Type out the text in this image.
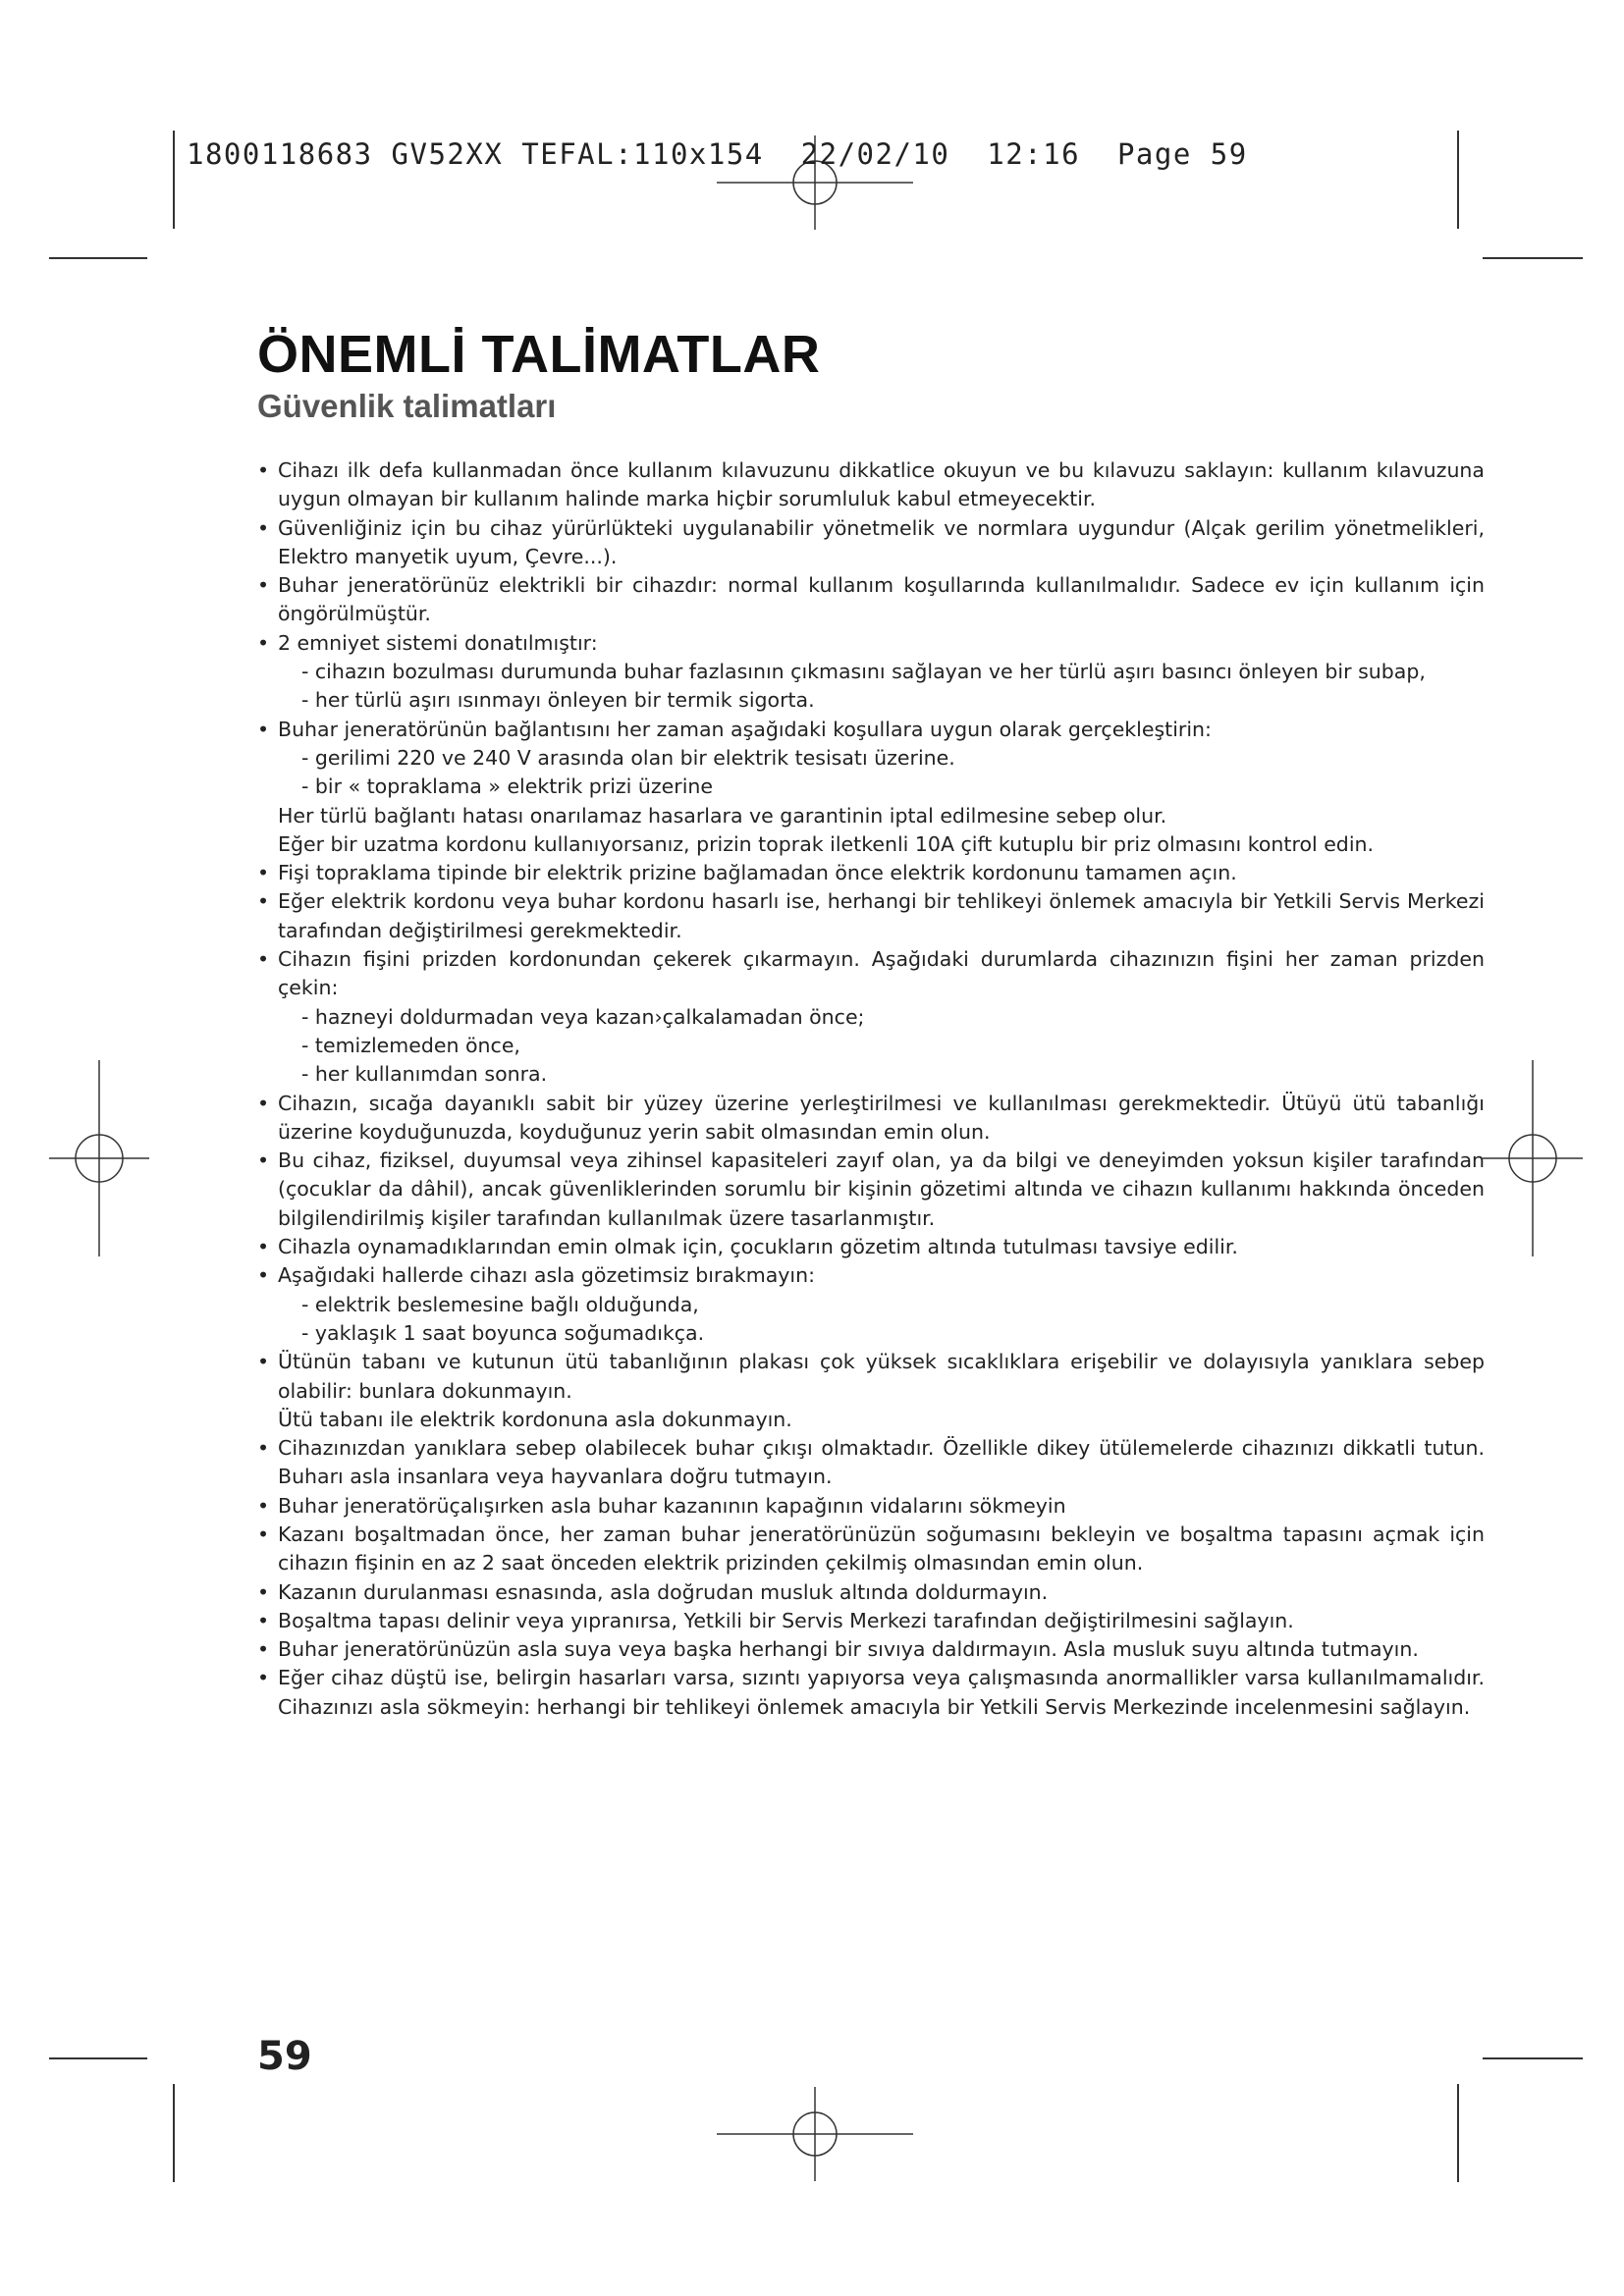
1800118683 GV52XX TEFAL:110x154  22/02/10  12:16  Page 59
ÖNEMLİ TALİMATLAR
Güvenlik talimatları

• Cihazı ilk defa kullanmadan önce kullanım kılavuzunu dikkatlice okuyun ve bu kılavuzu saklayın: kullanım kılavuzuna uygun olmayan bir kullanım halinde marka hiçbir sorumluluk kabul etmeyecektir.

• Güvenliğiniz için bu cihaz yürürlükteki uygulanabilir yönetmelik ve normlara uygundur (Alçak gerilim yönetmelikleri, Elektro manyetik uyum, Çevre...).

• Buhar jeneratörünüz elektrikli bir cihazdır: normal kullanım koşullarında kullanılmalıdır. Sadece ev için kullanım için öngörülmüştür.

• 2 emniyet sistemi donatılmıştır:

- cihazın bozulması durumunda buhar fazlasının çıkmasını sağlayan ve her türlü aşırı basıncı önleyen bir subap,

- her türlü aşırı ısınmayı önleyen bir termik sigorta.

• Buhar jeneratörünün bağlantısını her zaman aşağıdaki koşullara uygun olarak gerçekleştirin:

- gerilimi 220 ve 240 V arasında olan bir elektrik tesisatı üzerine.

- bir « topraklama » elektrik prizi üzerine

Her türlü bağlantı hatası onarılamaz hasarlara ve garantinin iptal edilmesine sebep olur.

Eğer bir uzatma kordonu kullanıyorsanız, prizin toprak iletkenli 10A çift kutuplu bir priz olmasını kontrol edin.

• Fişi topraklama tipinde bir elektrik prizine bağlamadan önce elektrik kordonunu tamamen açın.

• Eğer elektrik kordonu veya buhar kordonu hasarlı ise, herhangi bir tehlikeyi önlemek amacıyla bir Yetkili Servis Merkezi tarafından değiştirilmesi gerekmektedir.

• Cihazın fişini prizden kordonundan çekerek çıkarmayın. Aşağıdaki durumlarda cihazınızın fişini her zaman prizden çekin:

- hazneyi doldurmadan veya kazan›çalkalamadan önce;

- temizlemeden önce,

- her kullanımdan sonra.

• Cihazın, sıcağa dayanıklı sabit bir yüzey üzerine yerleştirilmesi ve kullanılması gerekmektedir. Ütüyü ütü tabanlığı üzerine koyduğunuzda, koyduğunuz yerin sabit olmasından emin olun.

• Bu cihaz, fiziksel, duyumsal veya zihinsel kapasiteleri zayıf olan, ya da bilgi ve deneyimden yoksun kişiler tarafından (çocuklar da dâhil), ancak güvenliklerinden sorumlu bir kişinin gözetimi altında ve cihazın kullanımı hakkında önceden bilgilendirilmiş kişiler tarafından kullanılmak üzere tasarlanmıştır.

• Cihazla oynamadıklarından emin olmak için, çocukların gözetim altında tutulması tavsiye edilir.

• Aşağıdaki hallerde cihazı asla gözetimsiz bırakmayın:

- elektrik beslemesine bağlı olduğunda,

- yaklaşık 1 saat boyunca soğumadıkça.

• Ütünün tabanı ve kutunun ütü tabanlığının plakası çok yüksek sıcaklıklara erişebilir ve dolayısıyla yanıklara sebep olabilir: bunlara dokunmayın.

Ütü tabanı ile elektrik kordonuna asla dokunmayın.

• Cihazınızdan yanıklara sebep olabilecek buhar çıkışı olmaktadır. Özellikle dikey ütülemelerde cihazınızı dikkatli tutun. Buharı asla insanlara veya hayvanlara doğru tutmayın.

• Buhar jeneratörüçalışırken asla buhar kazanının kapağının vidalarını sökmeyin

• Kazanı boşaltmadan önce, her zaman buhar jeneratörünüzün soğumasını bekleyin ve boşaltma tapasını açmak için cihazın fişinin en az 2 saat önceden elektrik prizinden çekilmiş olmasından emin olun.

• Kazanın durulanması esnasında, asla doğrudan musluk altında doldurmayın.

• Boşaltma tapası delinir veya yıpranırsa, Yetkili bir Servis Merkezi tarafından değiştirilmesini sağlayın.

• Buhar jeneratörünüzün asla suya veya başka herhangi bir sıvıya daldırmayın. Asla musluk suyu altında tutmayın.

• Eğer cihaz düştü ise, belirgin hasarları varsa, sızıntı yapıyorsa veya çalışmasında anormallikler varsa kullanılmamalıdır. Cihazınızı asla sökmeyin: herhangi bir tehlikeyi önlemek amacıyla bir Yetkili Servis Merkezinde incelenmesini sağlayın.

59
